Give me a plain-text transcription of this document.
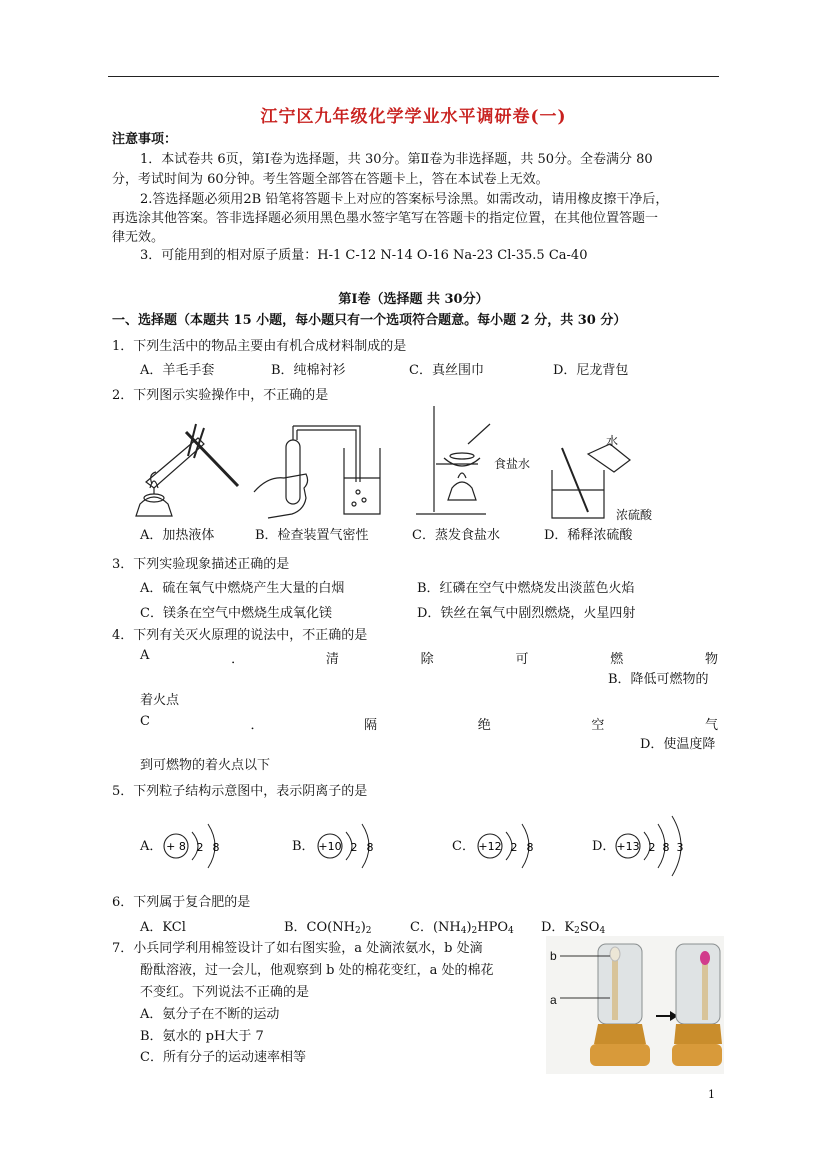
江宁区九年级化学学业水平调研卷(一)
注意事项：
1．本试卷共 6页，第Ⅰ卷为选择题，共 30分。第Ⅱ卷为非选择题，共 50分。全卷满分 80
分，考试时间为 60分钟。考生答题全部答在答题卡上，答在本试卷上无效。
2.答选择题必须用2B 铅笔将答题卡上对应的答案标号涂黑。如需改动，请用橡皮擦干净后，
再选涂其他答案。答非选择题必须用黑色墨水签字笔写在答题卡的指定位置，在其他位置答题一
律无效。
3．可能用到的相对原子质量：H-1 C-12 N-14 O-16 Na-23 Cl-35.5 Ca-40
第Ⅰ卷（选择题 共 30分）
一、选择题（本题共 15 小题，每小题只有一个选项符合题意。每小题 2 分，共 30 分）
1．下列生活中的物品主要由有机合成材料制成的是
A．羊毛手套	B．纯棉衬衫	C．真丝围巾	D．尼龙背包
2．下列图示实验操作中，不正确的是
食盐水
水
浓硫酸
A．加热液体	B．检查装置气密性	C．蒸发食盐水	D．稀释浓硫酸
3．下列实验现象描述正确的是
A．硫在氧气中燃烧产生大量的白烟	B．红磷在空气中燃烧发出淡蓝色火焰
C．镁条在空气中燃烧生成氧化镁	D．铁丝在氧气中剧烈燃烧，火星四射
4．下列有关灭火原理的说法中，不正确的是
A	．	清	除	可	燃	物
B．降低可燃物的
着火点
C	．	隔	绝	空	气
D．使温度降
到可燃物的着火点以下
5．下列粒子结构示意图中，表示阴离子的是
A． + 8 2 8	B． +10 2 8	C． +12 2 8	D． +13 2 8 3
6．下列属于复合肥的是
A．KCl	B．$CO(NH_2)_2$	C．$(NH_4)_2HPO_4$ D．$K_2SO_4$
7．小兵同学利用棉签设计了如右图实验，a 处滴浓氨水，b 处滴
酚酞溶液，过一会儿，他观察到 b 处的棉花变红，a 处的棉花
不变红。下列说法不正确的是
A．氨分子在不断的运动
B．氨水的 pH大于 7
C．所有分子的运动速率相等
b
a
1
